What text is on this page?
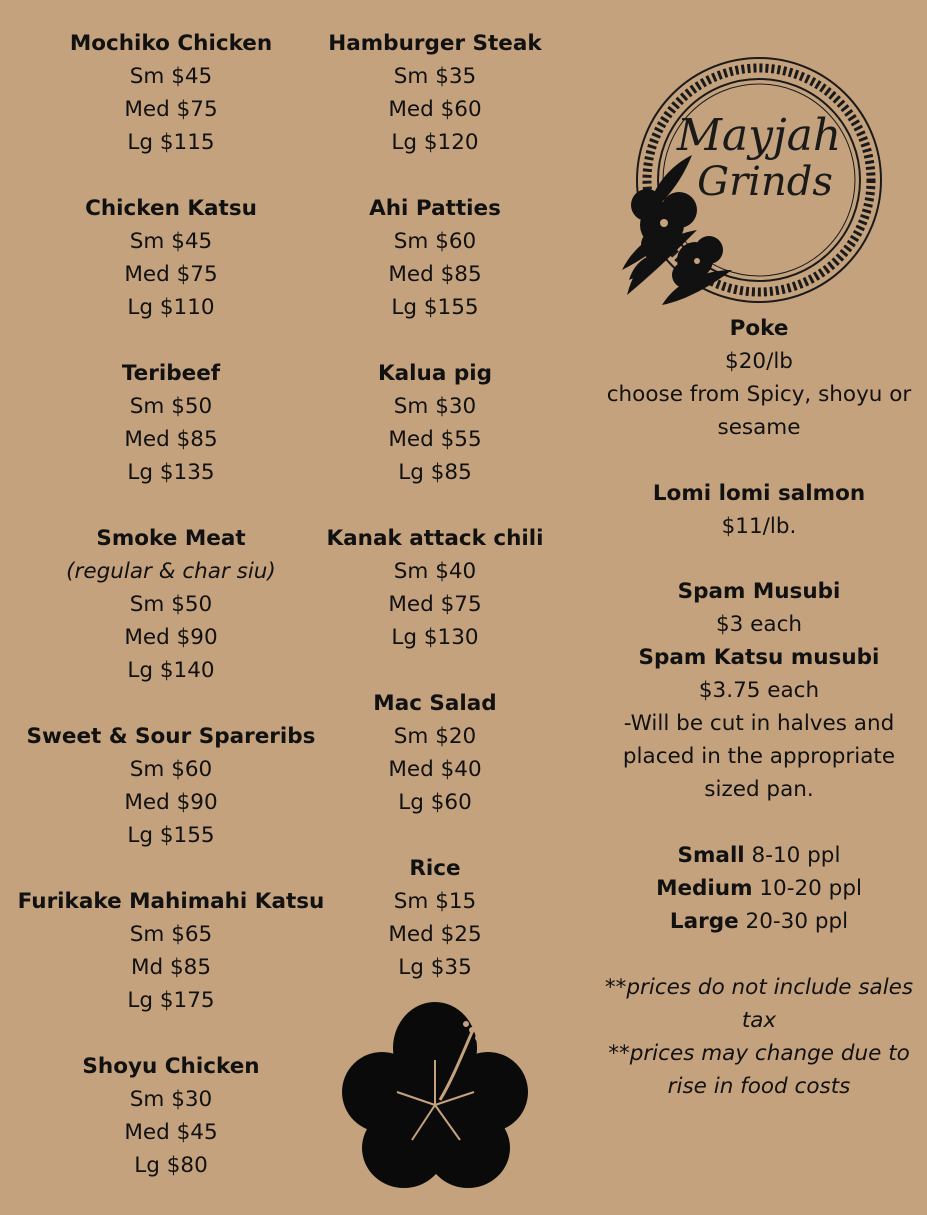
Mochiko Chicken
Sm $45
Med $75
Lg $115
Chicken Katsu
Sm $45
Med $75
Lg $110
Teribeef
Sm $50
Med $85
Lg $135
Smoke Meat
(regular & char siu)
Sm $50
Med $90
Lg $140
Sweet & Sour Spareribs
Sm $60
Med $90
Lg $155
Furikake Mahimahi Katsu
Sm $65
Md $85
Lg $175
Shoyu Chicken
Sm $30
Med $45
Lg $80
Hamburger Steak
Sm $35
Med $60
Lg $120
Ahi Patties
Sm $60
Med $85
Lg $155
Kalua pig
Sm $30
Med $55
Lg $85
Kanak attack chili
Sm $40
Med $75
Lg $130
Mac Salad
Sm $20
Med $40
Lg $60
Rice
Sm $15
Med $25
Lg $35
Mayjah
Grinds
Poke
$20/lb
choose from Spicy, shoyu or sesame
Lomi lomi salmon
$11/lb.
Spam Musubi
$3 each
Spam Katsu musubi
$3.75 each
-Will be cut in halves and placed in the appropriate sized pan.
Small 8-10 ppl
Medium 10-20 ppl
Large 20-30 ppl
**prices do not include sales tax
**prices may change due to rise in food costs
